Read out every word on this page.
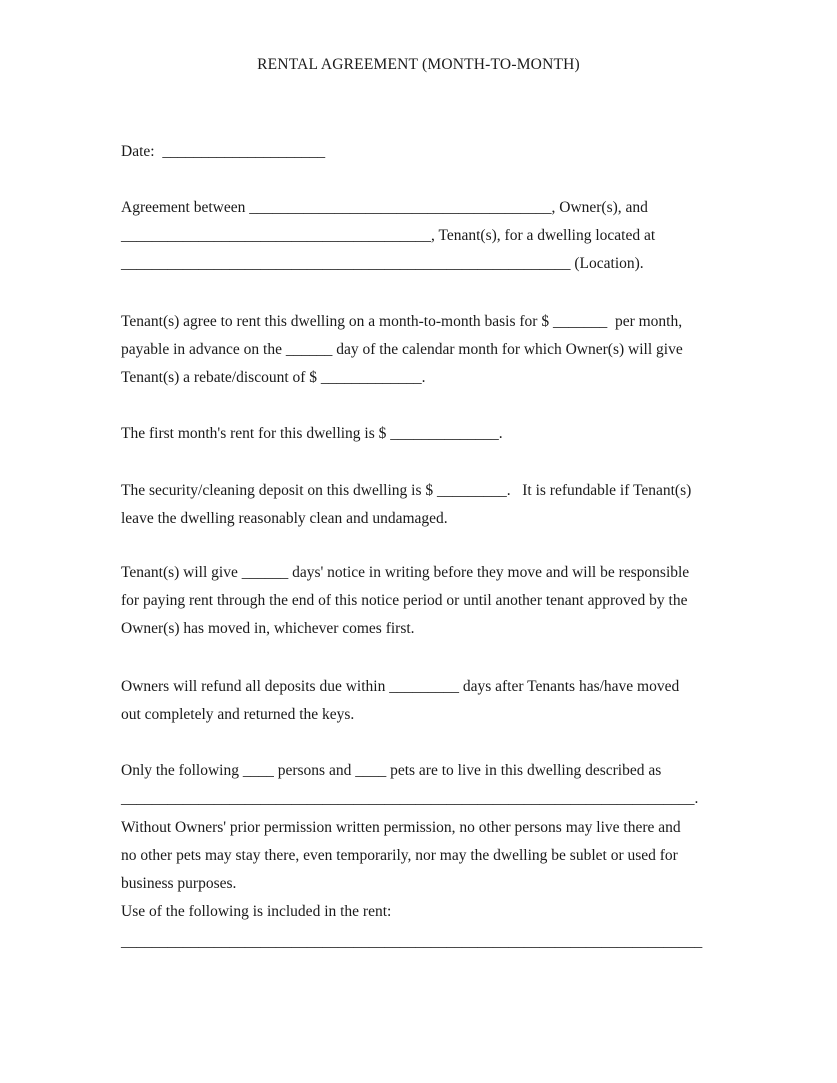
RENTAL AGREEMENT (MONTH-TO-MONTH)
Date:  _____________________
Agreement between _______________________________________, Owner(s), and
________________________________________, Tenant(s), for a dwelling located at
__________________________________________________________ (Location).
Tenant(s) agree to rent this dwelling on a month-to-month basis for $ _______  per month,
payable in advance on the ______ day of the calendar month for which Owner(s) will give
Tenant(s) a rebate/discount of $ _____________.
The first month's rent for this dwelling is $ ______________.
The security/cleaning deposit on this dwelling is $ _________.   It is refundable if Tenant(s)
leave the dwelling reasonably clean and undamaged.
Tenant(s) will give ______ days' notice in writing before they move and will be responsible
for paying rent through the end of this notice period or until another tenant approved by the
Owner(s) has moved in, whichever comes first.
Owners will refund all deposits due within _________ days after Tenants has/have moved
out completely and returned the keys.
Only the following ____ persons and ____ pets are to live in this dwelling described as
__________________________________________________________________________.
Without Owners' prior permission written permission, no other persons may live there and
no other pets may stay there, even temporarily, nor may the dwelling be sublet or used for
business purposes.
Use of the following is included in the rent:
___________________________________________________________________________
